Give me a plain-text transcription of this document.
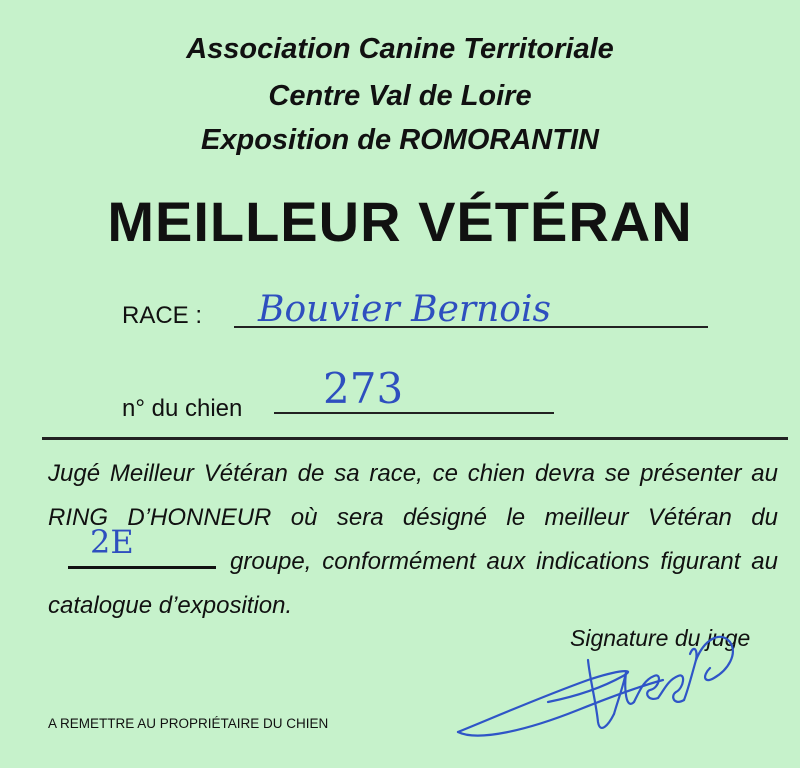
Association Canine Territoriale

Centre Val de Loire

Exposition de ROMORANTIN

MEILLEUR VÉTÉRAN
RACE : Bouvier Bernois
n° du chien 273

Jugé Meilleur Vétéran de sa race, ce chien devra se présenter au RING D’HONNEUR où sera désigné le meilleur Vétéran du
2E
groupe, conformément aux indications figurant au catalogue d’exposition.

Signature du juge
A REMETTRE AU PROPRIÉTAIRE DU CHIEN
